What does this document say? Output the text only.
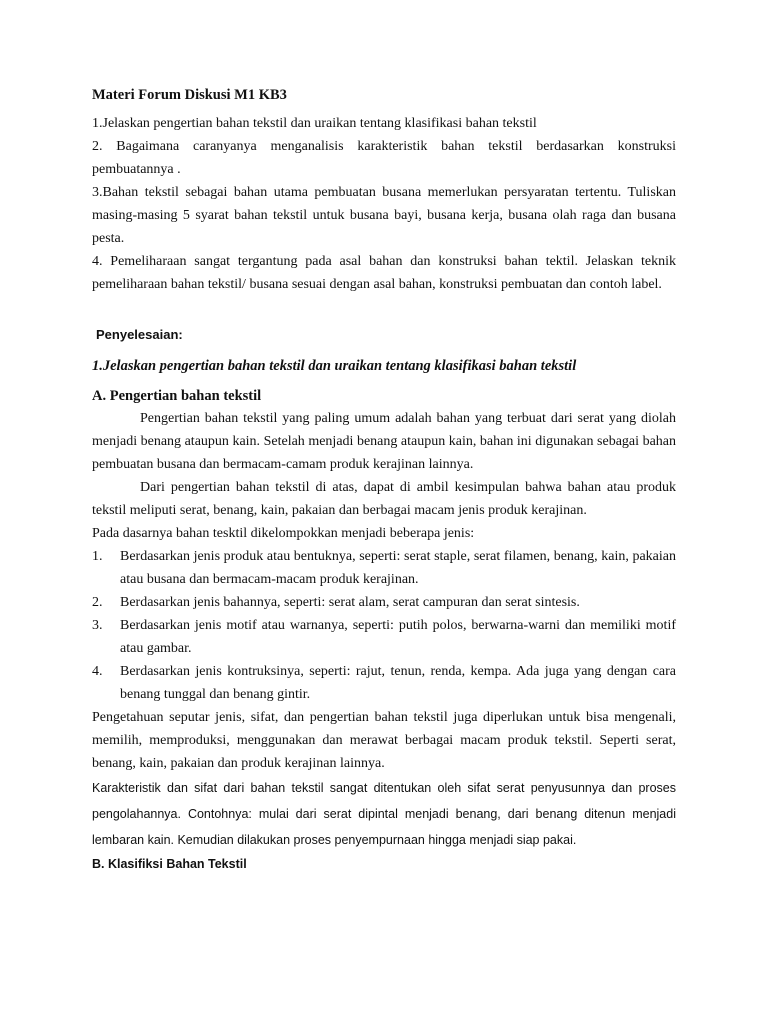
Materi Forum Diskusi M1 KB3

1.Jelaskan pengertian bahan tekstil dan uraikan tentang klasifikasi bahan tekstil

2. Bagaimana caranyanya menganalisis karakteristik bahan tekstil berdasarkan konstruksi pembuatannya .

3.Bahan tekstil sebagai bahan utama pembuatan busana memerlukan persyaratan tertentu. Tuliskan masing-masing 5 syarat bahan tekstil untuk busana bayi, busana kerja, busana olah raga dan busana pesta.

4. Pemeliharaan sangat tergantung pada asal bahan dan konstruksi bahan tektil. Jelaskan teknik pemeliharaan bahan tekstil/ busana sesuai dengan asal bahan, konstruksi pembuatan dan contoh label.

Penyelesaian:
1.Jelaskan pengertian bahan tekstil dan uraikan tentang klasifikasi bahan tekstil
A. Pengertian bahan tekstil

Pengertian bahan tekstil yang paling umum adalah bahan yang terbuat dari serat yang diolah menjadi benang ataupun kain. Setelah menjadi benang ataupun kain, bahan ini digunakan sebagai bahan pembuatan busana dan bermacam-camam produk kerajinan lainnya.

Dari pengertian bahan tekstil di atas, dapat di ambil kesimpulan bahwa bahan atau produk tekstil meliputi serat, benang, kain, pakaian dan berbagai macam jenis produk kerajinan.

Pada dasarnya bahan tesktil dikelompokkan menjadi beberapa jenis:

1. Berdasarkan jenis produk atau bentuknya, seperti: serat staple, serat filamen, benang, kain, pakaian atau busana dan bermacam-macam produk kerajinan.
2. Berdasarkan jenis bahannya, seperti: serat alam, serat campuran dan serat sintesis.
3. Berdasarkan jenis motif atau warnanya, seperti: putih polos, berwarna-warni dan memiliki motif atau gambar.
4. Berdasarkan jenis kontruksinya, seperti: rajut, tenun, renda, kempa. Ada juga yang dengan cara benang tunggal dan benang gintir.

Pengetahuan seputar jenis, sifat, dan pengertian bahan tekstil juga diperlukan untuk bisa mengenali, memilih, memproduksi, menggunakan dan merawat berbagai macam produk tekstil. Seperti serat, benang, kain, pakaian dan produk kerajinan lainnya.

Karakteristik dan sifat dari bahan tekstil sangat ditentukan oleh sifat serat penyusunnya dan proses pengolahannya. Contohnya: mulai dari serat dipintal menjadi benang, dari benang ditenun menjadi lembaran kain. Kemudian dilakukan proses penyempurnaan hingga menjadi siap pakai.

B. Klasifiksi Bahan Tekstil
